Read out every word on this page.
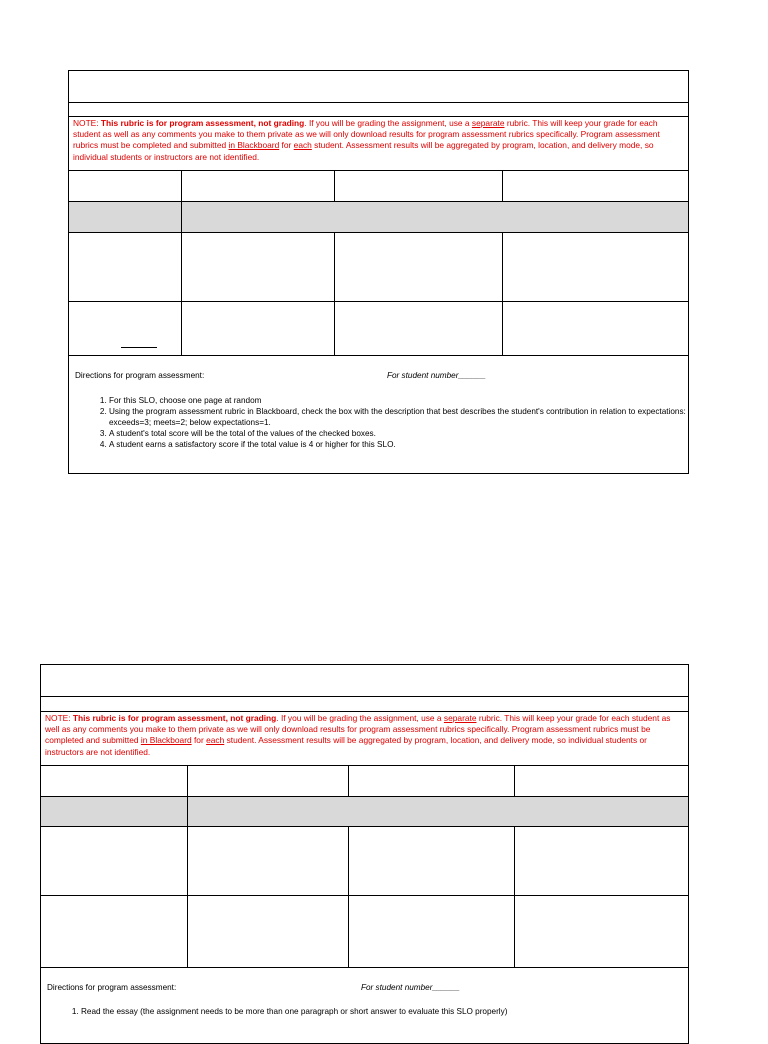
NOTE: This rubric is for program assessment, not grading. If you will be grading the assignment, use a separate rubric. This will keep your grade for each student as well as any comments you make to them private as we will only download results for program assessment rubrics specifically. Program assessment rubrics must be completed and submitted in Blackboard for each student. Assessment results will be aggregated by program, location, and delivery mode, so individual students or instructors are not identified.
Directions for program assessment:	For student number______
1. For this SLO, choose one page at random
2. Using the program assessment rubric in Blackboard, check the box with the description that best describes the student's contribution in relation to expectations: exceeds=3; meets=2; below expectations=1.
3. A student's total score will be the total of the values of the checked boxes.
4. A student earns a satisfactory score if the total value is 4 or higher for this SLO.
NOTE: This rubric is for program assessment, not grading. If you will be grading the assignment, use a separate rubric. This will keep your grade for each student as well as any comments you make to them private as we will only download results for program assessment rubrics specifically. Program assessment rubrics must be completed and submitted in Blackboard for each student. Assessment results will be aggregated by program, location, and delivery mode, so individual students or instructors are not identified.
Directions for program assessment:	For student number______
1. Read the essay (the assignment needs to be more than one paragraph or short answer to evaluate this SLO properly)
